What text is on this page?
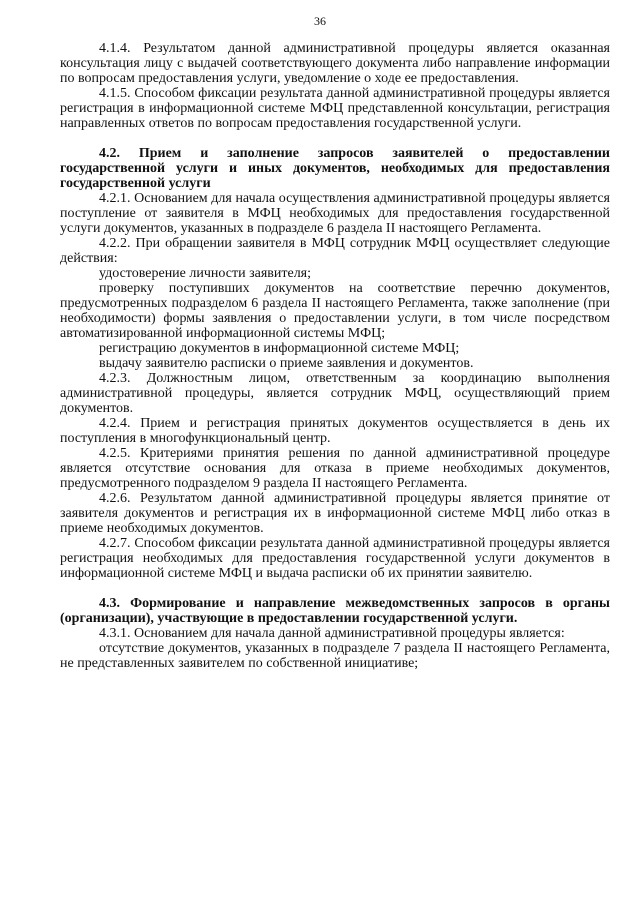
36

4.1.4. Результатом данной административной процедуры является оказанная консультация лицу с выдачей соответствующего документа либо направление информации по вопросам предоставления услуги, уведомление о ходе ее предоставления.

4.1.5. Способом фиксации результата данной административной процедуры является регистрация в информационной системе МФЦ представленной консультации, регистрация направленных ответов по вопросам предоставления государственной услуги.

4.2. Прием и заполнение запросов заявителей о предоставлении государственной услуги и иных документов, необходимых для предоставления государственной услуги

4.2.1. Основанием для начала осуществления административной процедуры является поступление от заявителя в МФЦ необходимых для предоставления государственной услуги документов, указанных в подразделе 6 раздела II настоящего Регламента.

4.2.2. При обращении заявителя в МФЦ сотрудник МФЦ осуществляет следующие действия:

удостоверение личности заявителя;

проверку поступивших документов на соответствие перечню документов, предусмотренных подразделом 6 раздела II настоящего Регламента, также заполнение (при необходимости) формы заявления о предоставлении услуги, в том числе посредством автоматизированной информационной системы МФЦ;

регистрацию документов в информационной системе МФЦ;

выдачу заявителю расписки о приеме заявления и документов.

4.2.3. Должностным лицом, ответственным за координацию выполнения административной процедуры, является сотрудник МФЦ, осуществляющий прием документов.

4.2.4. Прием и регистрация принятых документов осуществляется в день их поступления в многофункциональный центр.

4.2.5. Критериями принятия решения по данной административной процедуре является отсутствие основания для отказа в приеме необходимых документов, предусмотренного подразделом 9 раздела II настоящего Регламента.

4.2.6. Результатом данной административной процедуры является принятие от заявителя документов и регистрация их в информационной системе МФЦ либо отказ в приеме необходимых документов.

4.2.7. Способом фиксации результата данной административной процедуры является регистрация необходимых для предоставления государственной услуги документов в информационной системе МФЦ и выдача расписки об их принятии заявителю.

4.3. Формирование и направление межведомственных запросов в органы (организации), участвующие в предоставлении государственной услуги.

4.3.1. Основанием для начала данной административной процедуры является:

отсутствие документов, указанных в подразделе 7 раздела II настоящего Регламента, не представленных заявителем по собственной инициативе;
